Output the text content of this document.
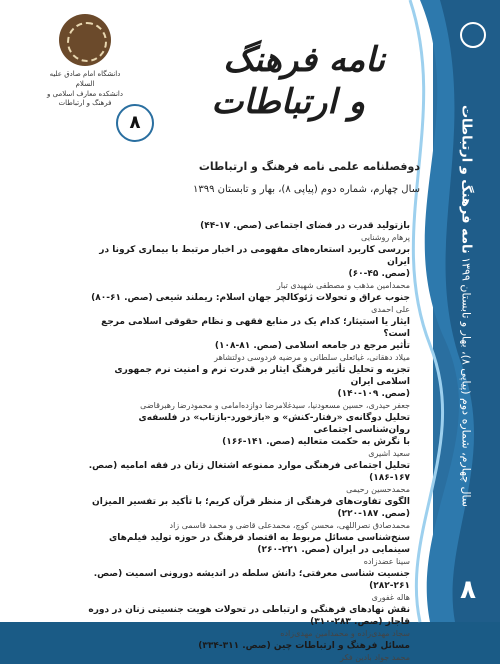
سال چهارم، شماره دوم (پیاپی ۸)، بهار و تابستان ۱۳۹۹ نامه فرهنگ و ارتباطات
۸
دانشگاه امام صادق علیه السلام
دانشکده معارف اسلامی و فرهنگ و ارتباطات
نامه فرهنگ
و ارتباطات
۸
دوفصلنامه علمی نامه فرهنگ و ارتباطات
سال چهارم، شماره دوم (پیاپی ۸)، بهار و تابستان ۱۳۹۹
بازتولید قدرت در فضای اجتماعی (صص. ۱۷-۴۴)
پرهام روشنایی
بررسی کاربرد استعاره‌های مفهومی در اخبار مرتبط با بیماری کرونا در ایران
(صص. ۴۵-۶۰)
محمدامین مذهب و مصطفی شهیدی تبار
جنوب عراق و تحولات ژئوکالچر جهان اسلام: ریملند شیعی (صص. ۶۱-۸۰)
علی احمدی
ایثار یا استیثار؛ کدام یک در منابع فقهی و نظام حقوقی اسلامی مرجع است؟
تأثیر مرجع در جامعه اسلامی (صص. ۸۱-۱۰۸)
میلاد دهقانی، غیاثعلی سلطانی و مرضیه فردوسی دولتشاهر
تجزیه و تحلیل تأثیر فرهنگ ایثار بر قدرت نرم و امنیت نرم جمهوری اسلامی ایران
(صص. ۱۰۹-۱۴۰)
جعفر حیدری، حسین مسعودنیا، سیدغلامرضا دوازده‌امامی و محمودرضا رهبرقاضی
تحلیل دوگانه‌ی «رفتار-کنش» و «بازخورد-بازتاب» در فلسفه‌ی روان‌شناسی اجتماعی
با نگرش به حکمت متعالیه (صص. ۱۴۱-۱۶۶)
سعید اشیری
تحلیل اجتماعی فرهنگی موارد ممنوعه اشتغال زنان در فقه امامیه (صص. ۱۶۷-۱۸۶)
محمدحسین رحیمی
الگوی تفاوت‌های فرهنگی از منظر قرآن کریم؛ با تأکید بر تفسیر المیزان (صص. ۱۸۷-۲۲۰)
محمدصادق نصراللهی، محسن کوچ، محمدعلی قاضی و محمد قاسمی زاد
سنخ‌شناسی مسائل مربوط به اقتصاد فرهنگ در حوزه تولید فیلم‌های سینمایی در ایران (صص. ۲۲۱-۲۶۰)
سینا عضدزاده
جنسیت شناسی معرفتی؛ دانش سلطه در اندیشه دورونی اسمیت (صص. ۲۶۱-۲۸۲)
هاله غفوری
نقش نهادهای فرهنگی و ارتباطی در تحولات هویت جنسیتی زنان در دوره قاجار (صص. ۲۸۳-۳۱۰)
سجاد مهدی‌زاده و محمدامین مهدی‌زاده
مسائل فرهنگ و ارتباطات چین (صص. ۳۱۱-۳۳۴)
محمد جواد بادین فکر
